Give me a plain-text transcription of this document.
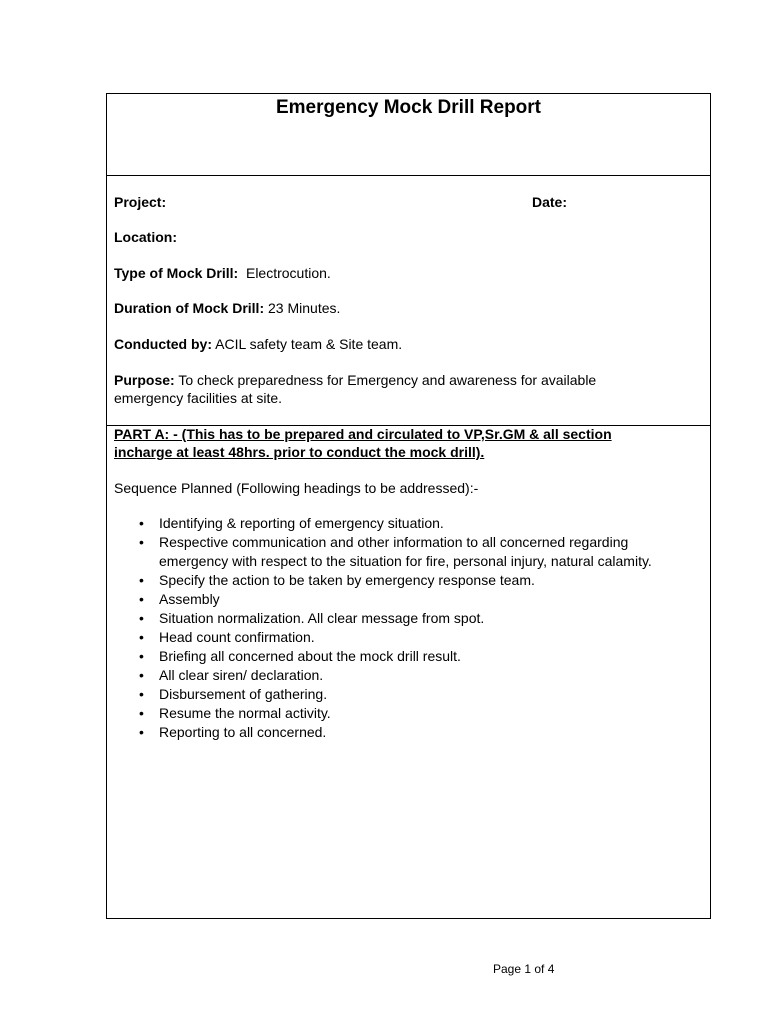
Emergency Mock Drill Report
Project:	Date:
Location:
Type of Mock Drill: Electrocution.
Duration of Mock Drill: 23 Minutes.
Conducted by: ACIL safety team & Site team.
Purpose: To check preparedness for Emergency and awareness for available
emergency facilities at site.
PART A: - (This has to be prepared and circulated to VP,Sr.GM & all section
incharge at least 48hrs. prior to conduct the mock drill).
Sequence Planned (Following headings to be addressed):-
• Identifying & reporting of emergency situation.
• Respective communication and other information to all concerned regarding emergency with respect to the situation for fire, personal injury, natural calamity.
• Specify the action to be taken by emergency response team.
• Assembly
• Situation normalization. All clear message from spot.
• Head count confirmation.
• Briefing all concerned about the mock drill result.
• All clear siren/ declaration.
• Disbursement of gathering.
• Resume the normal activity.
• Reporting to all concerned.
Page 1 of 4
